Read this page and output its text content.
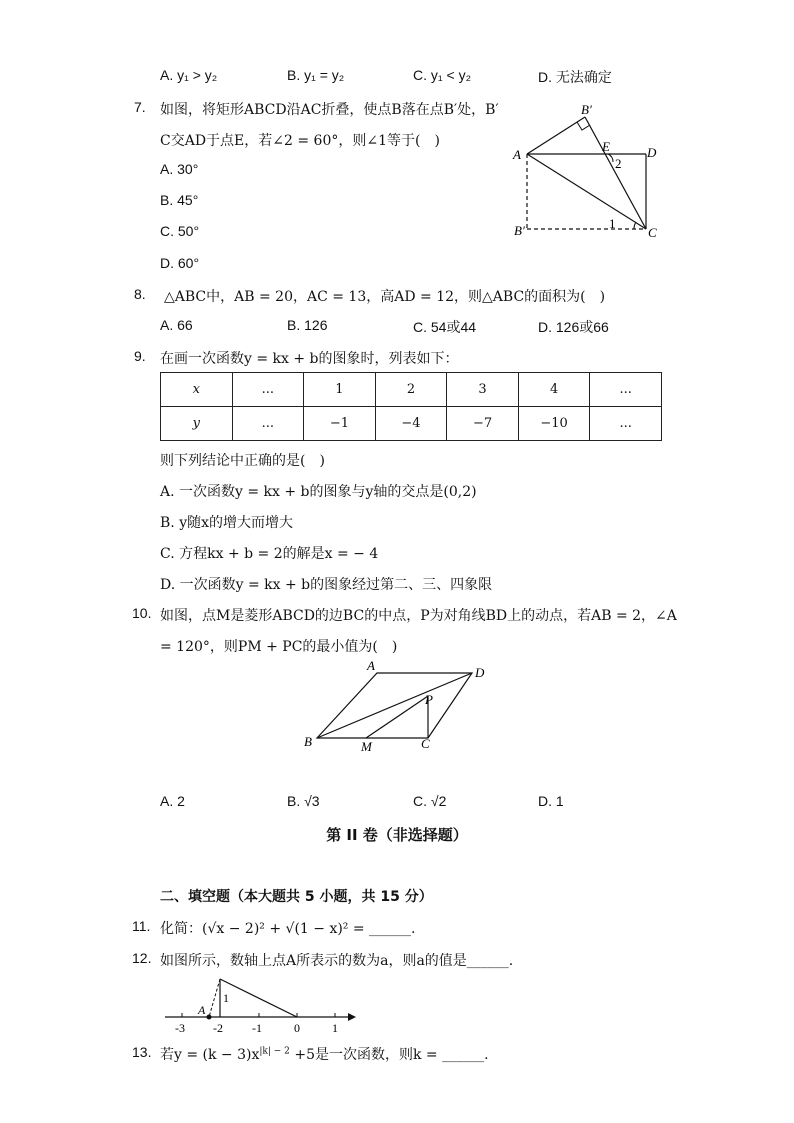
A. y₁ > y₂	B. y₁ = y₂	C. y₁ < y₂	D. 无法确定
7. 如图，将矩形ABCD沿AC折叠，使点B落在点B′处，B′
C交AD于点E，若∠2 = 60°，则∠1等于(　)
A. 30°
B. 45°
C. 50°
D. 60°
B′
A
E	D
2
B′	1
C
8. △ABC中，AB = 20，AC = 13，高AD = 12，则△ABC的面积为(　)
A. 66	B. 126	C. 54或44	D. 126或66
9. 在画一次函数y = kx + b的图象时，列表如下：
x	...	1	2	3	4	...
y	...	−1	−4	−7	−10	...
则下列结论中正确的是(　)
A. 一次函数y = kx + b的图象与y轴的交点是(0,2)
B. y随x的增大而增大
C. 方程kx + b = 2的解是x = − 4
D. 一次函数y = kx + b的图象经过第二、三、四象限
10. 如图，点M是菱形ABCD的边BC的中点，P为对角线BD上的动点，若AB = 2，∠A
= 120°，则PM + PC的最小值为(　)
A	D
P
B	M	C
A. 2	B. √3	C. √2	D. 1
第 II 卷（非选择题）
二、填空题（本大题共 5 小题，共 15 分）
11. 化简：(√x − 2)² + √(1 − x)² = ______.
12. 如图所示，数轴上点A所表示的数为a，则a的值是______.
1
A
-3 -2 -1	0	1
13. 若$y = (k - 3)x^{|k| - 2} +5$是一次函数，则k = ______.
